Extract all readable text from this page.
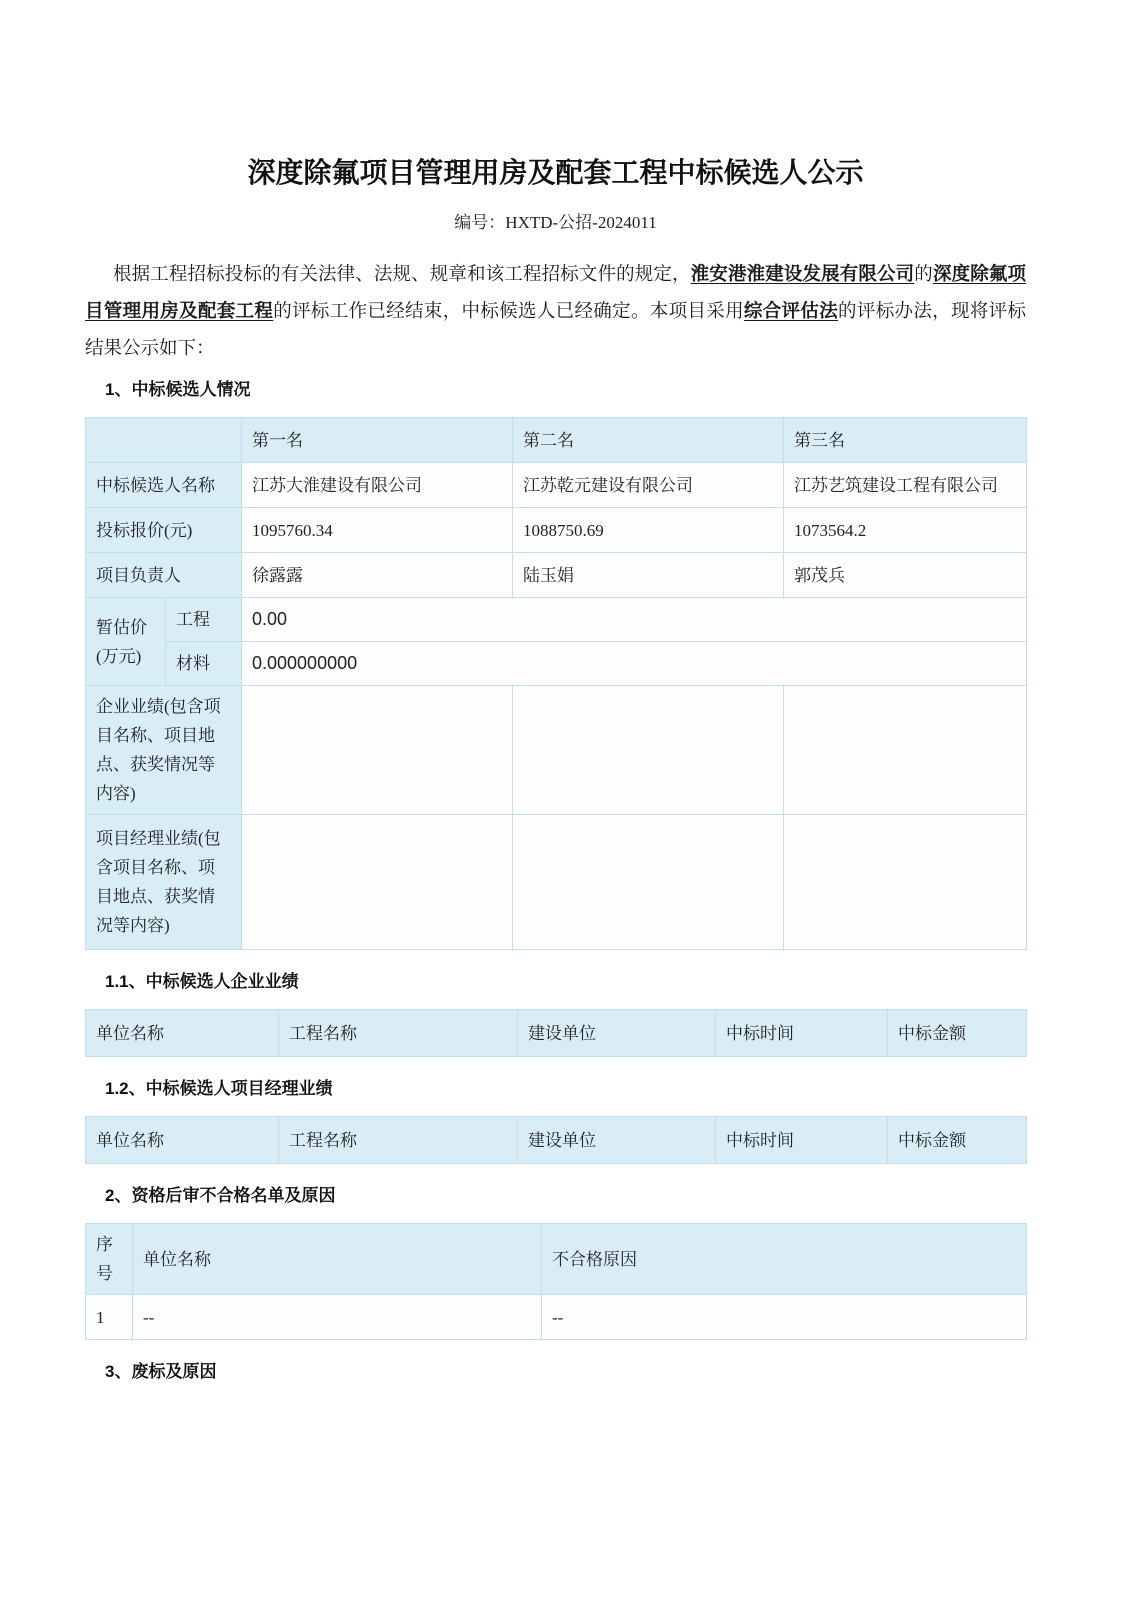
深度除氟项目管理用房及配套工程中标候选人公示
编号：HXTD-公招-2024011

根据工程招标投标的有关法律、法规、规章和该工程招标文件的规定，淮安港淮建设发展有限公司的深度除氟项目管理用房及配套工程的评标工作已经结束，中标候选人已经确定。本项目采用综合评估法的评标办法，现将评标结果公示如下：

1、中标候选人情况
		第一名	第二名	第三名
中标候选人名称		江苏大淮建设有限公司	江苏乾元建设有限公司	江苏艺筑建设工程有限公司
投标报价(元)		1095760.34	1088750.69	1073564.2
项目负责人		徐露露	陆玉娟	郭茂兵
暂估价(万元)	工程	0.00		
	材料	0.000000000		
企业业绩(包含项目名称、项目地点、获奖情况等内容)				
项目经理业绩(包含项目名称、项目地点、获奖情况等内容)				
1.1、中标候选人企业业绩
单位名称	工程名称	建设单位	中标时间	中标金额
1.2、中标候选人项目经理业绩
单位名称	工程名称	建设单位	中标时间	中标金额
2、资格后审不合格名单及原因
序号	单位名称	不合格原因
1	--	--
3、废标及原因
